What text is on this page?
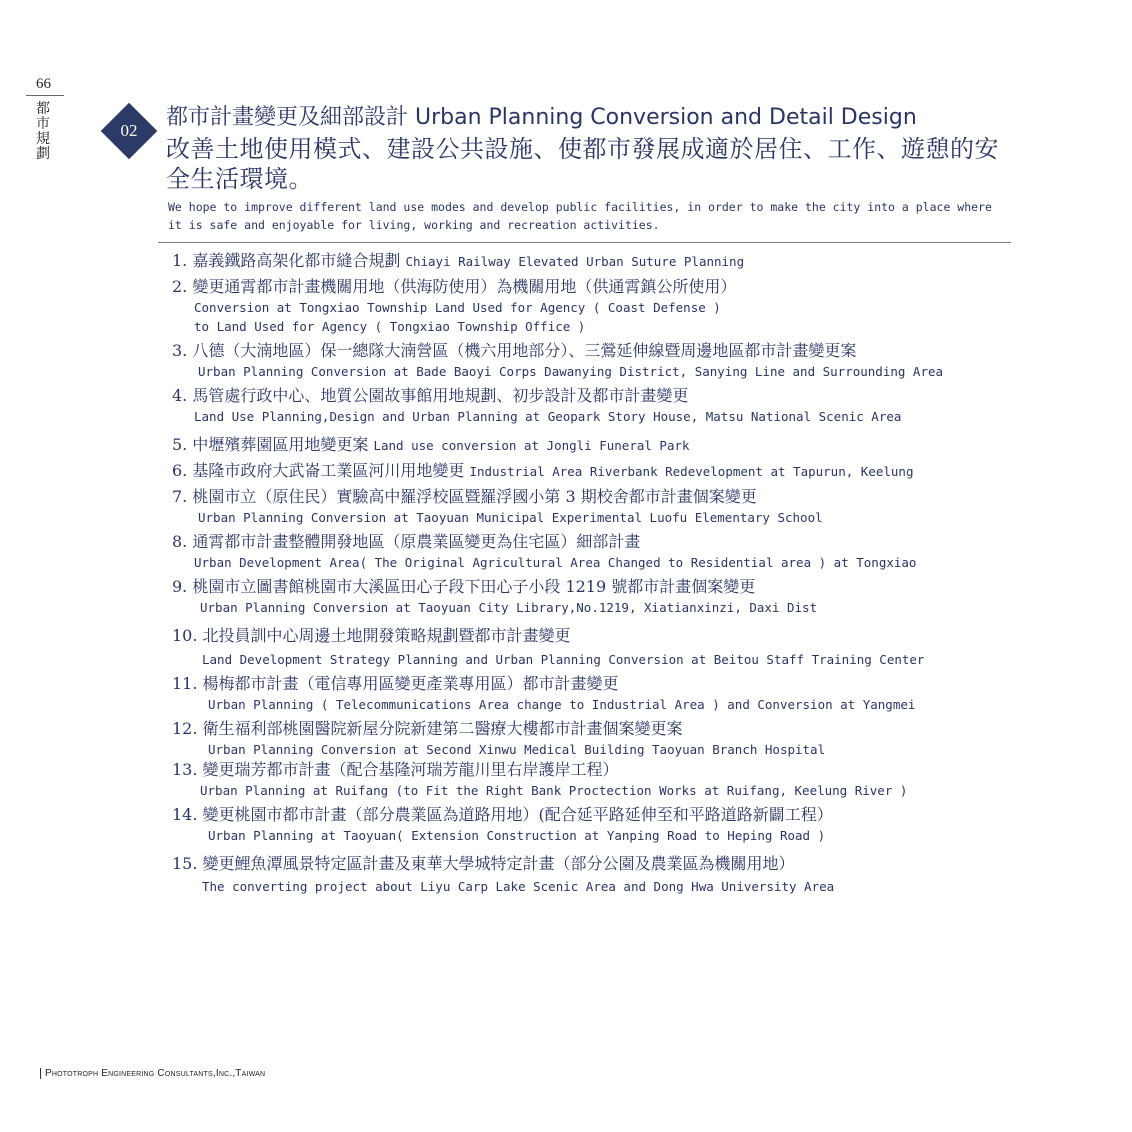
66
都市規劃
02
都市計畫變更及細部設計 Urban Planning Conversion and Detail Design
改善土地使用模式、建設公共設施、使都市發展成適於居住、工作、遊憩的安全生活環境。
We hope to improve different land use modes and develop public facilities, in order to make the city into a place where it is safe and enjoyable for living, working and recreation activities.
1. 嘉義鐵路高架化都市縫合規劃 Chiayi Railway Elevated Urban Suture Planning
2. 變更通霄都市計畫機關用地（供海防使用）為機關用地（供通霄鎮公所使用）
Conversion at Tongxiao Township Land Used for Agency ( Coast Defense )
to Land Used for Agency ( Tongxiao Township Office )
3. 八德（大湳地區）保一總隊大湳營區（機六用地部分）、三鶯延伸線暨周邊地區都市計畫變更案
Urban Planning Conversion at Bade Baoyi Corps Dawanying District, Sanying Line and Surrounding Area
4. 馬管處行政中心、地質公園故事館用地規劃、初步設計及都市計畫變更
Land Use Planning,Design and Urban Planning at Geopark Story House, Matsu National Scenic Area
5. 中壢殯葬園區用地變更案 Land use conversion at Jongli Funeral Park
6. 基隆市政府大武崙工業區河川用地變更 Industrial Area Riverbank Redevelopment at Tapurun, Keelung
7. 桃園市立（原住民）實驗高中羅浮校區暨羅浮國小第 3 期校舍都市計畫個案變更
Urban Planning Conversion at Taoyuan Municipal Experimental Luofu Elementary School
8. 通霄都市計畫整體開發地區（原農業區變更為住宅區）細部計畫
Urban Development Area( The Original Agricultural Area Changed to Residential area ) at Tongxiao
9. 桃園市立圖書館桃園市大溪區田心子段下田心子小段 1219 號都市計畫個案變更
Urban Planning Conversion at Taoyuan City Library,No.1219, Xiatianxinzi, Daxi Dist
10. 北投員訓中心周邊土地開發策略規劃暨都市計畫變更
Land Development Strategy Planning and Urban Planning Conversion at Beitou Staff Training Center
11. 楊梅都市計畫（電信專用區變更產業專用區）都市計畫變更
Urban Planning ( Telecommunications Area change to Industrial Area ) and Conversion at Yangmei
12. 衛生福利部桃園醫院新屋分院新建第二醫療大樓都市計畫個案變更案
Urban Planning Conversion at Second Xinwu Medical Building Taoyuan Branch Hospital
13. 變更瑞芳都市計畫（配合基隆河瑞芳龍川里右岸護岸工程）
Urban Planning at Ruifang (to Fit the Right Bank Proctection Works at Ruifang, Keelung River )
14. 變更桃園市都市計畫（部分農業區為道路用地）(配合延平路延伸至和平路道路新闢工程）
Urban Planning at Taoyuan( Extension Construction at Yanping Road to Heping Road )
15. 變更鯉魚潭風景特定區計畫及東華大學城特定計畫（部分公園及農業區為機關用地）
The converting project about Liyu Carp Lake Scenic Area and Dong Hwa University Area
Phototroph Engineering Consultants,Inc.,Taiwan
